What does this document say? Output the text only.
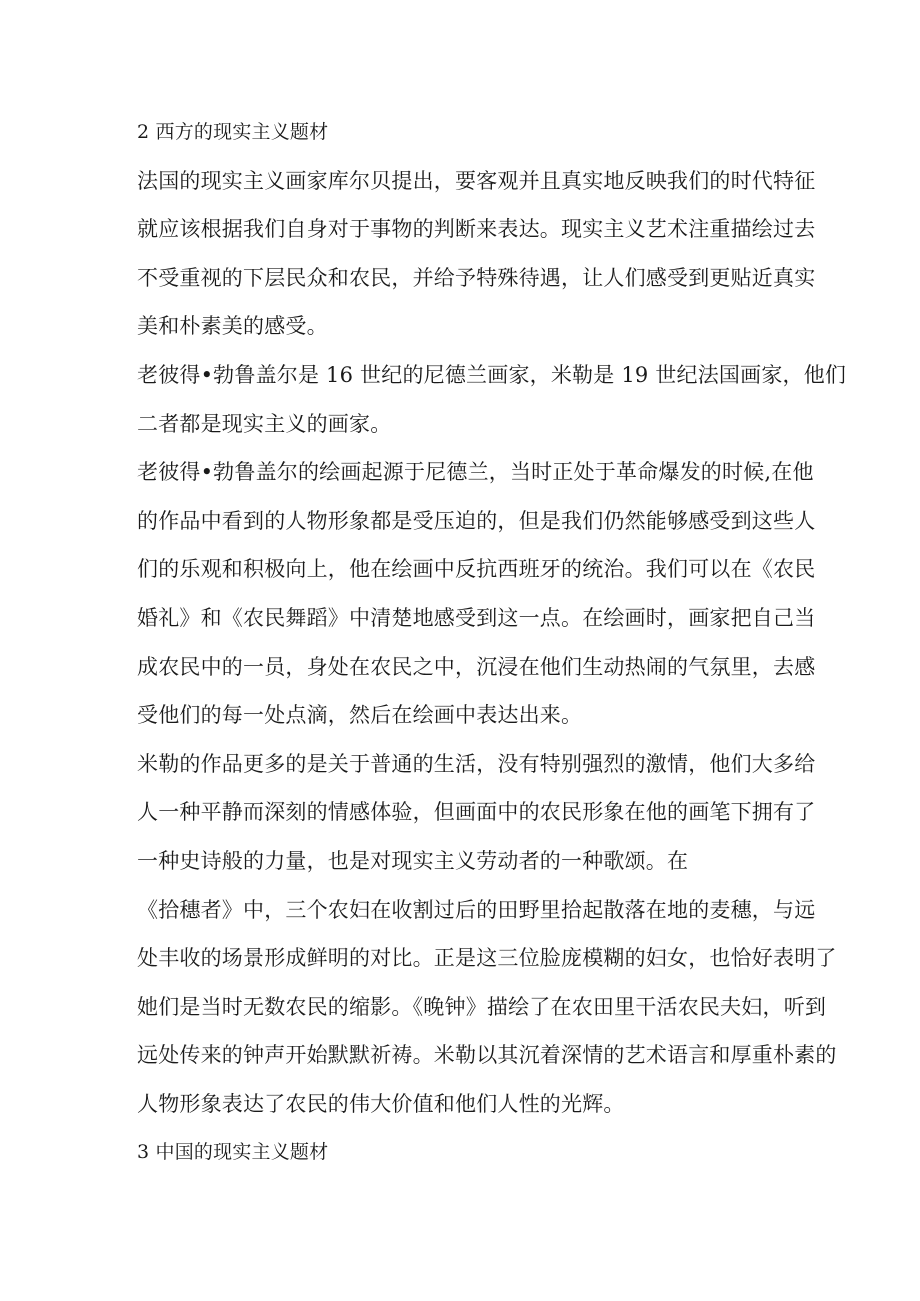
2 西方的现实主义题材
法国的现实主义画家库尔贝提出，要客观并且真实地反映我们的时代特征
就应该根据我们自身对于事物的判断来表达。现实主义艺术注重描绘过去
不受重视的下层民众和农民，并给予特殊待遇，让人们感受到更贴近真实
美和朴素美的感受。
老彼得•勃鲁盖尔是 16 世纪的尼德兰画家，米勒是 19 世纪法国画家，他们
二者都是现实主义的画家。
老彼得•勃鲁盖尔的绘画起源于尼德兰，当时正处于革命爆发的时候,在他
的作品中看到的人物形象都是受压迫的，但是我们仍然能够感受到这些人
们的乐观和积极向上，他在绘画中反抗西班牙的统治。我们可以在《农民
婚礼》和《农民舞蹈》中清楚地感受到这一点。在绘画时，画家把自己当
成农民中的一员，身处在农民之中，沉浸在他们生动热闹的气氛里，去感
受他们的每一处点滴，然后在绘画中表达出来。
米勒的作品更多的是关于普通的生活，没有特别强烈的激情，他们大多给
人一种平静而深刻的情感体验，但画面中的农民形象在他的画笔下拥有了
一种史诗般的力量，也是对现实主义劳动者的一种歌颂。在
《拾穗者》中，三个农妇在收割过后的田野里拾起散落在地的麦穗，与远
处丰收的场景形成鲜明的对比。正是这三位脸庞模糊的妇女，也恰好表明了
她们是当时无数农民的缩影。《晚钟》描绘了在农田里干活农民夫妇，听到
远处传来的钟声开始默默祈祷。米勒以其沉着深情的艺术语言和厚重朴素的
人物形象表达了农民的伟大价值和他们人性的光辉。
3 中国的现实主义题材
